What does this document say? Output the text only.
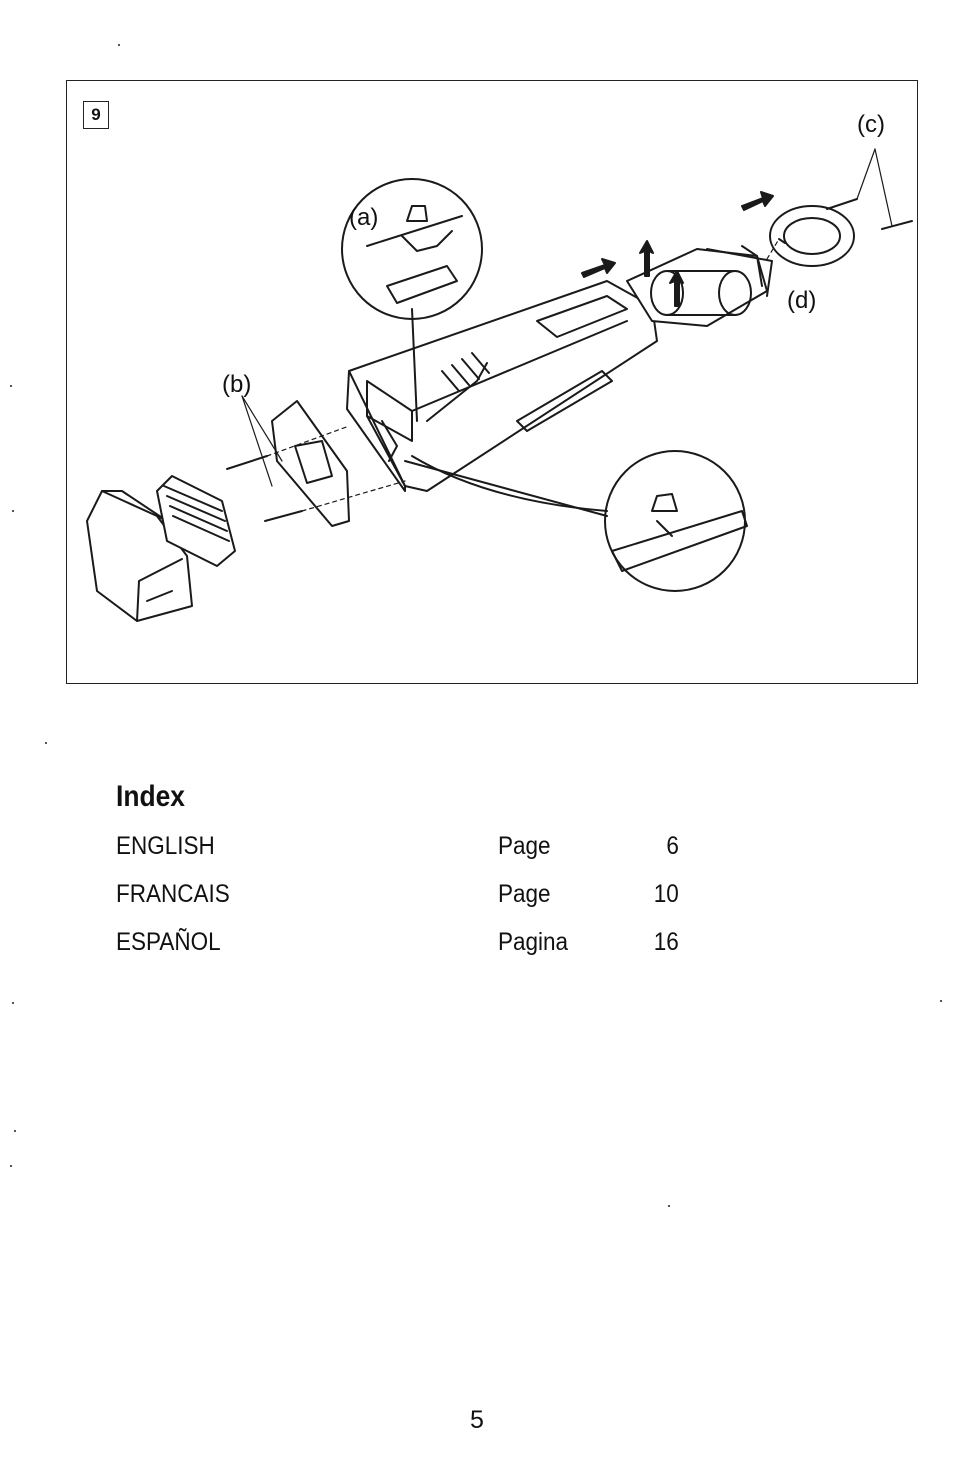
9
(a)
(b)
(c)
(d)
Index
ENGLISH	Page	6
FRANCAIS	Page	10
ESPAÑOL	Pagina	16
5
